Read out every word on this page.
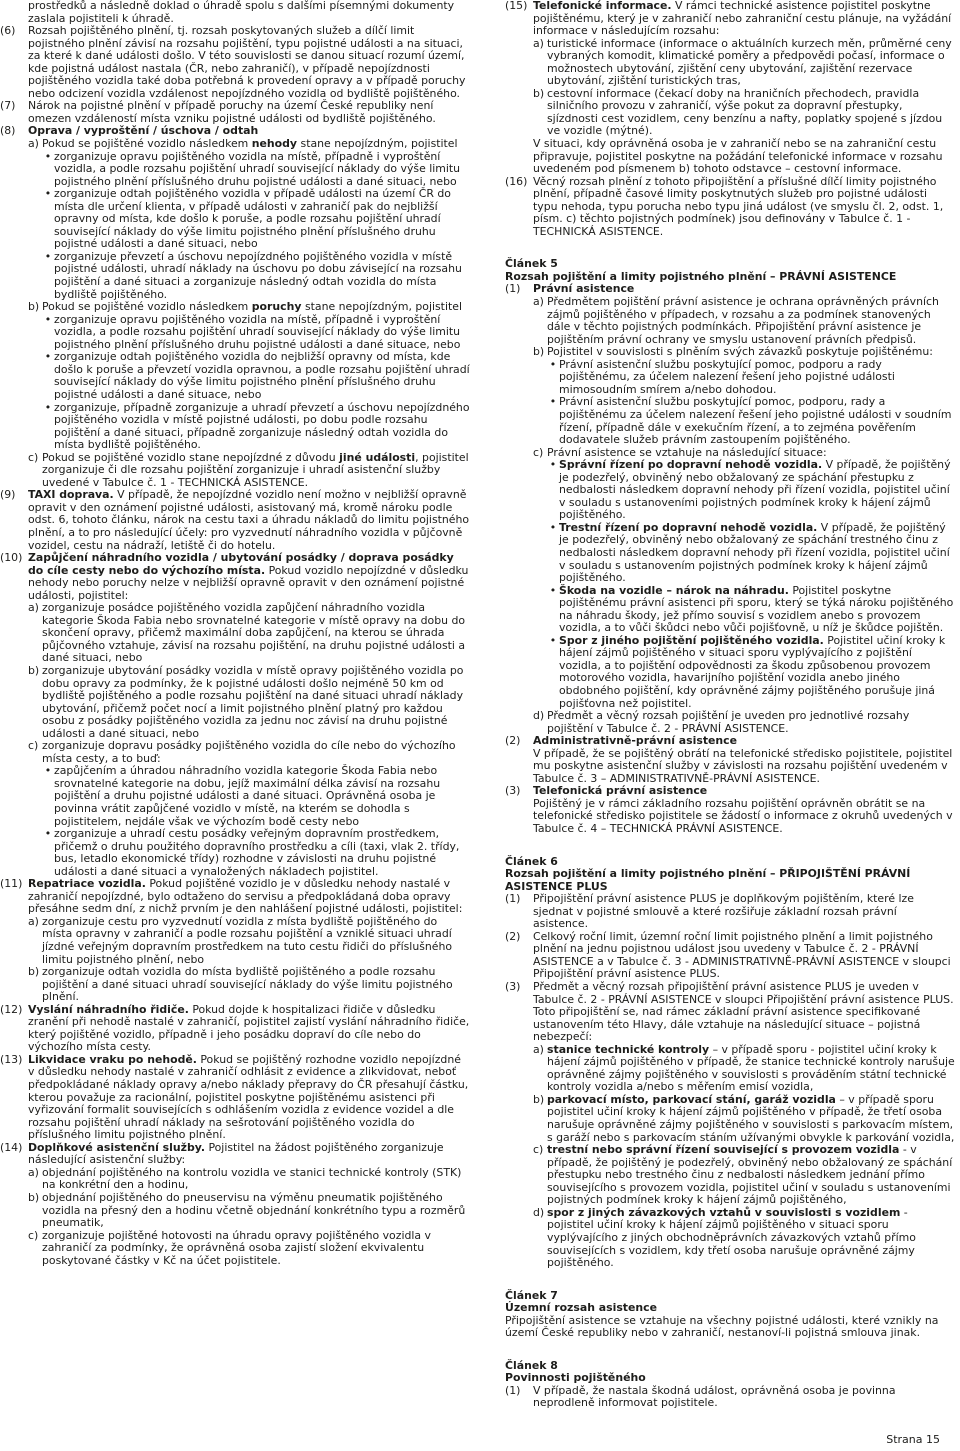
prostředků a následně doklad o úhradě spolu s dalšími písemnými dokumenty

zaslala pojistiteli k úhradě.

(6)	Rozsah pojištěného plnění, tj. rozsah poskytovaných služeb a dílčí limit pojistného plnění závisí na rozsahu pojištění, typu pojistné události a na situaci, za které k dané události došlo. V této souvislosti se danou situací rozumí území, kde pojistná událost nastala (ČR, nebo zahraničí), v případě nepojízdnosti pojištěného vozidla také doba potřebná k provedení opravy a v případě poruchy nebo odcizení vozidla vzdálenost nepojízdného vozidla od bydliště pojištěného.
(7)	Nárok na pojistné plnění v případě poruchy na území České republiky není omezen vzdáleností místa vzniku pojistné události od bydliště pojištěného.
(8)	Oprava / vyproštění / úschova / odtah
a) Pokud se pojištěné vozidlo následkem nehody stane nepojízdným, pojistitel
• zorganizuje opravu pojištěného vozidla na místě, případně i vyproštění vozidla, a podle rozsahu pojištění uhradí související náklady do výše limitu pojistného plnění příslušného druhu pojistné události a dané situaci, nebo
• zorganizuje odtah pojištěného vozidla v případě události na území ČR do místa dle určení klienta, v případě události v zahraničí pak do nejbližší opravny od místa, kde došlo k poruše, a podle rozsahu pojištění uhradí související náklady do výše limitu pojistného plnění příslušného druhu pojistné události a dané situaci, nebo
• zorganizuje převzetí a úschovu nepojízdného pojištěného vozidla v místě pojistné události, uhradí náklady na úschovu po dobu závisející na rozsahu pojištění a dané situaci a zorganizuje následný odtah vozidla do místa bydliště pojištěného.
b) Pokud se pojištěné vozidlo následkem poruchy stane nepojízdným, pojistitel
• zorganizuje opravu pojištěného vozidla na místě, případně i vyproštění vozidla, a podle rozsahu pojištění uhradí související náklady do výše limitu pojistného plnění příslušného druhu pojistné události a dané situace, nebo
• zorganizuje odtah pojištěného vozidla do nejbližší opravny od místa, kde došlo k poruše a převzetí vozidla opravnou, a podle rozsahu pojištění uhradí související náklady do výše limitu pojistného plnění příslušného druhu pojistné události a dané situace, nebo
• zorganizuje, případně zorganizuje a uhradí převzetí a úschovu nepojízdného pojištěného vozidla v místě pojistné události, po dobu podle rozsahu pojištění a dané situaci, případně zorganizuje následný odtah vozidla do místa bydliště pojištěného.
c) Pokud se pojištěné vozidlo stane nepojízdné z důvodu jiné události, pojistitel zorganizuje či dle rozsahu pojištění zorganizuje i uhradí asistenční služby uvedené v Tabulce č. 1 - TECHNICKÁ ASISTENCE.
(9)	TAXI doprava. V případě, že nepojízdné vozidlo není možno v nejbližší opravně opravit v den oznámení pojistné události, asistovaný má, kromě nároku podle odst. 6, tohoto článku, nárok na cestu taxi a úhradu nákladů do limitu pojistného plnění, a to pro následující účely: pro vyzvednutí náhradního vozidla v půjčovně vozidel, cestu na nádraží, letiště či do hotelu.
(10) Zapůjčení náhradního vozidla / ubytování posádky / doprava posádky do cíle cesty nebo do výchozího místa. Pokud vozidlo nepojízdné v důsledku nehody nebo poruchy nelze v nejbližší opravně opravit v den oznámení pojistné události, pojistitel:
a) zorganizuje posádce pojištěného vozidla zapůjčení náhradního vozidla kategorie Škoda Fabia nebo srovnatelné kategorie v místě opravy na dobu do skončení opravy, přičemž maximální doba zapůjčení, na kterou se úhrada půjčovného vztahuje, závisí na rozsahu pojištění, na druhu pojistné události a dané situaci, nebo
b) zorganizuje ubytování posádky vozidla v místě opravy pojištěného vozidla po dobu opravy za podmínky, že k pojistné události došlo nejméně 50 km od bydliště pojištěného a podle rozsahu pojištění na dané situaci uhradí náklady ubytování, přičemž počet nocí a limit pojistného plnění platný pro každou osobu z posádky pojištěného vozidla za jednu noc závisí na druhu pojistné události a dané situaci, nebo
c) zorganizuje dopravu posádky pojištěného vozidla do cíle nebo do výchozího místa cesty, a to buď:
• zapůjčením a úhradou náhradního vozidla kategorie Škoda Fabia nebo srovnatelné kategorie na dobu, jejíž maximální délka závisí na rozsahu pojištění a druhu pojistné události a dané situaci. Oprávněná osoba je povinna vrátit zapůjčené vozidlo v místě, na kterém se dohodla s pojistitelem, nejdále však ve výchozím bodě cesty nebo
• zorganizuje a uhradí cestu posádky veřejným dopravním prostředkem, přičemž o druhu použitého dopravního prostředku a cíli (taxi, vlak 2. třídy, bus, letadlo ekonomické třídy) rozhodne v závislosti na druhu pojistné události a dané situaci a vynaložených nákladech pojistitel.
(11) Repatriace vozidla. Pokud pojištěné vozidlo je v důsledku nehody nastalé v zahraničí nepojízdné, bylo odtaženo do servisu a předpokládaná doba opravy přesáhne sedm dní, z nichž prvním je den nahlášení pojistné události, pojistitel:
a) zorganizuje cestu pro vyzvednutí vozidla z místa bydliště pojištěného do místa opravny v zahraničí a podle rozsahu pojištění a vzniklé situaci uhradí jízdné veřejným dopravním prostředkem na tuto cestu řidiči do příslušného limitu pojistného plnění, nebo
b) zorganizuje odtah vozidla do místa bydliště pojištěného a podle rozsahu pojištění a dané situaci uhradí související náklady do výše limitu pojistného plnění.
(12) Vyslání náhradního řidiče. Pokud dojde k hospitalizaci řidiče v důsledku zranění při nehodě nastalé v zahraničí, pojistitel zajistí vyslání náhradního řidiče, který pojištěné vozidlo, případně i jeho posádku dopraví do cíle nebo do výchozího místa cesty.
(13) Likvidace vraku po nehodě. Pokud se pojištěný rozhodne vozidlo nepojízdné v důsledku nehody nastalé v zahraničí odhlásit z evidence a zlikvidovat, neboť předpokládané náklady opravy a/nebo náklady přepravy do ČR přesahují částku, kterou považuje za racionální, pojistitel poskytne pojištěnému asistenci při vyřizování formalit souvisejících s odhlášením vozidla z evidence vozidel a dle rozsahu pojištění uhradí náklady na sešrotování pojištěného vozidla do příslušného limitu pojistného plnění.
(14) Doplňkové asistenční služby. Pojistitel na žádost pojištěného zorganizuje následující asistenční služby:
a) objednání pojištěného na kontrolu vozidla ve stanici technické kontroly (STK) na konkrétní den a hodinu,
b) objednání pojištěného do pneuservisu na výměnu pneumatik pojištěného vozidla na přesný den a hodinu včetně objednání konkrétního typu a rozměrů pneumatik,
c) zorganizuje pojištěné hotovosti na úhradu opravy pojištěného vozidla v zahraničí za podmínky, že oprávněná osoba zajistí složení ekvivalentu poskytované částky v Kč na účet pojistitele.
(15) Telefonické informace. V rámci technické asistence pojistitel poskytne pojištěnému, který je v zahraničí nebo zahraniční cestu plánuje, na vyžádání informace v následujícím rozsahu:
a) turistické informace (informace o aktuálních kurzech měn, průměrné ceny vybraných komodit, klimatické poměry a předpovědi počasí, informace o možnostech ubytování, zjištění ceny ubytování, zajištění rezervace ubytování, zjištění turistických tras,
b) cestovní informace (čekací doby na hraničních přechodech, pravidla silničního provozu v zahraničí, výše pokut za dopravní přestupky, sjízdnosti cest vozidlem, ceny benzínu a nafty, poplatky spojené s jízdou ve vozidle (mýtné).
V situaci, kdy oprávněná osoba je v zahraničí nebo se na zahraniční cestu připravuje, pojistitel poskytne na požádání telefonické informace v rozsahu uvedeném pod písmenem b) tohoto odstavce – cestovní informace.
(16) Věcný rozsah plnění z tohoto připojištění a příslušné dílčí limity pojistného plnění, případně časové limity poskytnutých služeb pro pojistné události typu nehoda, typu porucha nebo typu jiná událost (ve smyslu čl. 2, odst. 1, písm. c) těchto pojistných podmínek) jsou definovány v Tabulce č. 1 - TECHNICKÁ ASISTENCE.
Článek 5
Rozsah pojištění a limity pojistného plnění – PRÁVNÍ ASISTENCE
(1)	Právní asistence
a) Předmětem pojištění právní asistence je ochrana oprávněných právních zájmů pojištěného v případech, v rozsahu a za podmínek stanovených dále v těchto pojistných podmínkách. Připojištění právní asistence je pojištěním právní ochrany ve smyslu ustanovení právních předpisů.
b) Pojistitel v souvislosti s plněním svých závazků poskytuje pojištěnému:
• Právní asistenční službu poskytující pomoc, podporu a rady pojištěnému, za účelem nalezení řešení jeho pojistné události mimosoudním smírem a/nebo dohodou.
• Právní asistenční službu poskytující pomoc, podporu, rady a pojištěnému za účelem nalezení řešení jeho pojistné události v soudním řízení, případně dále v exekučním řízení, a to zejména pověřením dodavatele služeb právním zastoupením pojištěného.
c) Právní asistence se vztahuje na následující situace:
• Správní řízení po dopravní nehodě vozidla. V případě, že pojištěný je podezřelý, obviněný nebo obžalovaný ze spáchání přestupku z nedbalosti následkem dopravní nehody při řízení vozidla, pojistitel učiní v souladu s ustanoveními pojistných podmínek kroky k hájení zájmů pojištěného.
• Trestní řízení po dopravní nehodě vozidla. V případě, že pojištěný je podezřelý, obviněný nebo obžalovaný ze spáchání trestného činu z nedbalosti následkem dopravní nehody při řízení vozidla, pojistitel učiní v souladu s ustanovením pojistných podmínek kroky k hájení zájmů pojištěného.
• Škoda na vozidle – nárok na náhradu. Pojistitel poskytne pojištěnému právní asistenci při sporu, který se týká nároku pojištěného na náhradu škody, jež přímo souvisí s vozidlem anebo s provozem vozidla, a to vůči škůdci nebo vůči pojišťovně, u níž je škůdce pojištěn.
• Spor z jiného pojištění pojištěného vozidla. Pojistitel učiní kroky k hájení zájmů pojištěného v situaci sporu vyplývajícího z pojištění vozidla, a to pojištění odpovědnosti za škodu způsobenou provozem motorového vozidla, havarijního pojištění vozidla anebo jiného obdobného pojištění, kdy oprávněné zájmy pojištěného porušuje jiná pojišťovna než pojistitel.
d) Předmět a věcný rozsah pojištění je uveden pro jednotlivé rozsahy pojištění v Tabulce č. 2 - PRÁVNÍ ASISTENCE.
(2)	Administrativně-právní asistence
V případě, že se pojištěný obrátí na telefonické středisko pojistitele, pojistitel mu poskytne asistenční služby v závislosti na rozsahu pojištění uvedeném v Tabulce č. 3 – ADMINISTRATIVNĚ-PRÁVNÍ ASISTENCE.
(3)	Telefonická právní asistence
Pojištěný je v rámci základního rozsahu pojištění oprávněn obrátit se na telefonické středisko pojistitele se žádostí o informace z okruhů uvedených v Tabulce č. 4 – TECHNICKÁ PRÁVNÍ ASISTENCE.
Článek 6
Rozsah pojištění a limity pojistného plnění – PŘIPOJIŠTĚNÍ PRÁVNÍ ASISTENCE PLUS
(1)	Připojištění právní asistence PLUS je doplňkovým pojištěním, které lze sjednat v pojistné smlouvě a které rozšiřuje základní rozsah právní asistence.
(2)	Celkový roční limit, územní roční limit pojistného plnění a limit pojistného plnění na jednu pojistnou událost jsou uvedeny v Tabulce č. 2 - PRÁVNÍ ASISTENCE a v Tabulce č. 3 - ADMINISTRATIVNĚ-PRÁVNÍ ASISTENCE v sloupci Připojištění právní asistence PLUS.
(3)	Předmět a věcný rozsah připojištění právní asistence PLUS je uveden v Tabulce č. 2 - PRÁVNÍ ASISTENCE v sloupci Připojištění právní asistence PLUS. Toto připojištění se, nad rámec základní právní asistence specifikované ustanovením této Hlavy, dále vztahuje na následující situace – pojistná nebezpečí:
a) stanice technické kontroly – v případě sporu - pojistitel učiní kroky k hájení zájmů pojištěného v případě, že stanice technické kontroly narušuje oprávněné zájmy pojištěného v souvislosti s prováděním státní technické kontroly vozidla a/nebo s měřením emisí vozidla,
b) parkovací místo, parkovací stání, garáž vozidla – v případě sporu pojistitel učiní kroky k hájení zájmů pojištěného v případě, že třetí osoba narušuje oprávněné zájmy pojištěného v souvislosti s parkovacím místem, s garáží nebo s parkovacím stáním užívanými obvykle k parkování vozidla,
c) trestní nebo správní řízení související s provozem vozidla - v případě, že pojištěný je podezřelý, obviněný nebo obžalovaný ze spáchání přestupku nebo trestného činu z nedbalosti následkem jednání přímo souvisejícího s provozem vozidla, pojistitel učiní v souladu s ustanoveními pojistných podmínek kroky k hájení zájmů pojištěného,
d) spor z jiných závazkových vztahů v souvislosti s vozidlem - pojistitel učiní kroky k hájení zájmů pojištěného v situaci sporu vyplývajícího z jiných obchodněprávních závazkových vztahů přímo souvisejících s vozidlem, kdy třetí osoba narušuje oprávněné zájmy pojištěného.
Článek 7
Územní rozsah asistence
Připojištění asistence se vztahuje na všechny pojistné události, které vznikly na území České republiky nebo v zahraničí, nestanoví-li pojistná smlouva jinak.
Článek 8
Povinnosti pojištěného
(1)	V případě, že nastala škodná událost, oprávněná osoba je povinna neprodleně informovat pojistitele.
Strana 15
